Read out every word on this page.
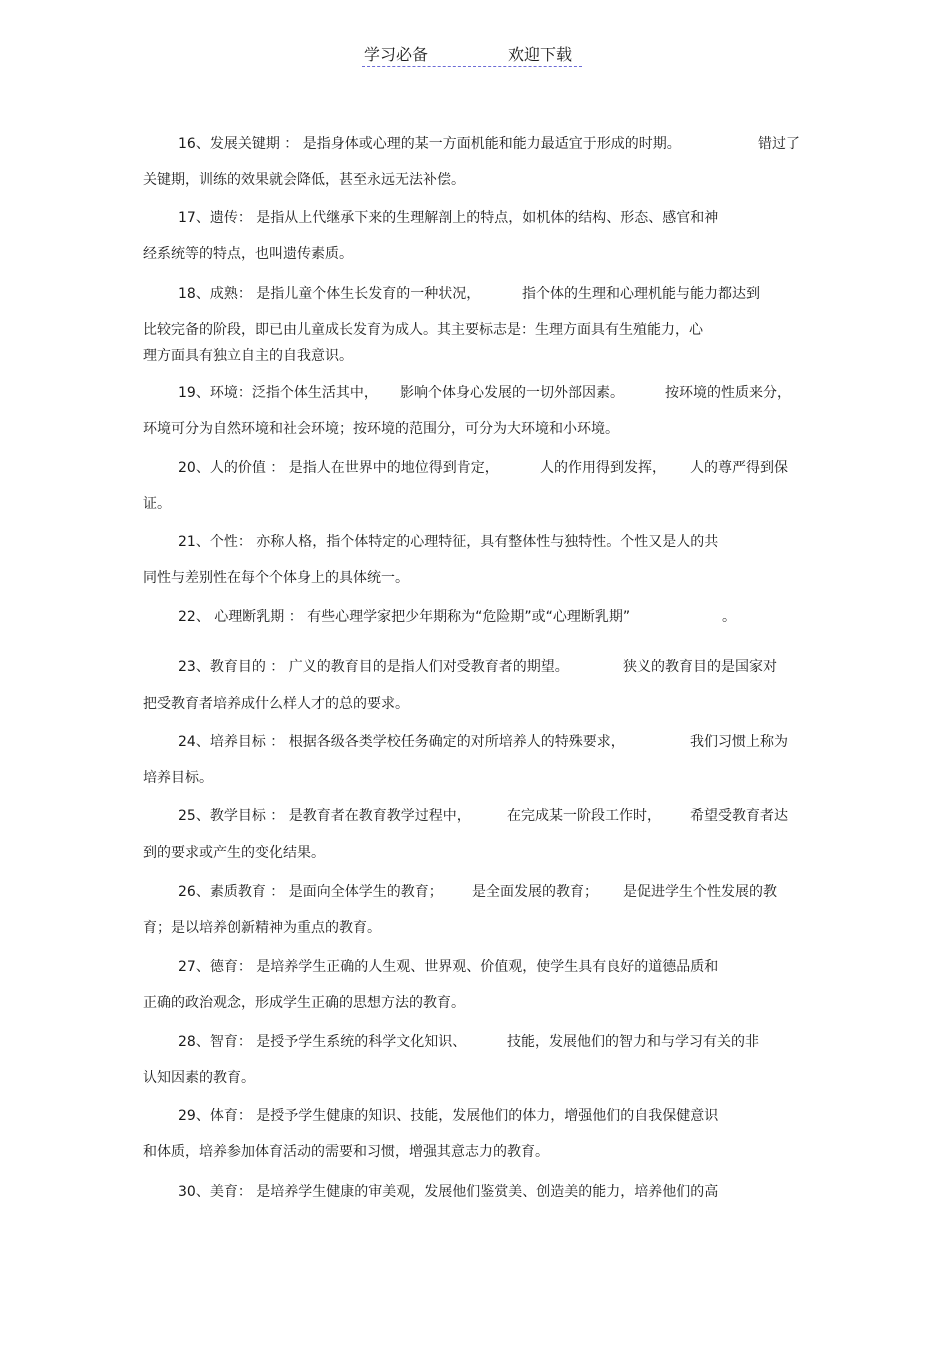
学习必备	欢迎下载
16、发展关键期 ： 是指身体或心理的某一方面机能和能力最适宜于形成的时期。	错过了
关键期，训练的效果就会降低，甚至永远无法补偿。
17、遗传： 是指从上代继承下来的生理解剖上的特点，如机体的结构、形态、感官和神
经系统等的特点，也叫遗传素质。
18、成熟： 是指儿童个体生长发育的一种状况，	指个体的生理和心理机能与能力都达到
比较完备的阶段，即已由儿童成长发育为成人。其主要标志是：生理方面具有生殖能力，心
理方面具有独立自主的自我意识。
19、环境：泛指个体生活其中， 影响个体身心发展的一切外部因素。	按环境的性质来分，
环境可分为自然环境和社会环境；按环境的范围分，可分为大环境和小环境。
20、人的价值 ： 是指人在世界中的地位得到肯定，	人的作用得到发挥， 人的尊严得到保
证。
21、个性： 亦称人格，指个体特定的心理特征，具有整体性与独特性。个性又是人的共
同性与差别性在每个个体身上的具体统一。
22、 心理断乳期 ： 有些心理学家把少年期称为“危险期”或“心理断乳期”	。
23、教育目的 ： 广义的教育目的是指人们对受教育者的期望。	狭义的教育目的是国家对
把受教育者培养成什么样人才的总的要求。
24、培养目标 ： 根据各级各类学校任务确定的对所培养人的特殊要求，	我们习惯上称为
培养目标。
25、教学目标 ： 是教育者在教育教学过程中，	在完成某一阶段工作时， 希望受教育者达
到的要求或产生的变化结果。
26、素质教育 ： 是面向全体学生的教育； 是全面发展的教育； 是促进学生个性发展的教
育；是以培养创新精神为重点的教育。
27、德育： 是培养学生正确的人生观、世界观、价值观，使学生具有良好的道德品质和
正确的政治观念，形成学生正确的思想方法的教育。
28、智育： 是授予学生系统的科学文化知识、	技能，发展他们的智力和与学习有关的非
认知因素的教育。
29、体育： 是授予学生健康的知识、技能，发展他们的体力，增强他们的自我保健意识
和体质，培养参加体育活动的需要和习惯，增强其意志力的教育。
30、美育： 是培养学生健康的审美观，发展他们鉴赏美、创造美的能力，培养他们的高
